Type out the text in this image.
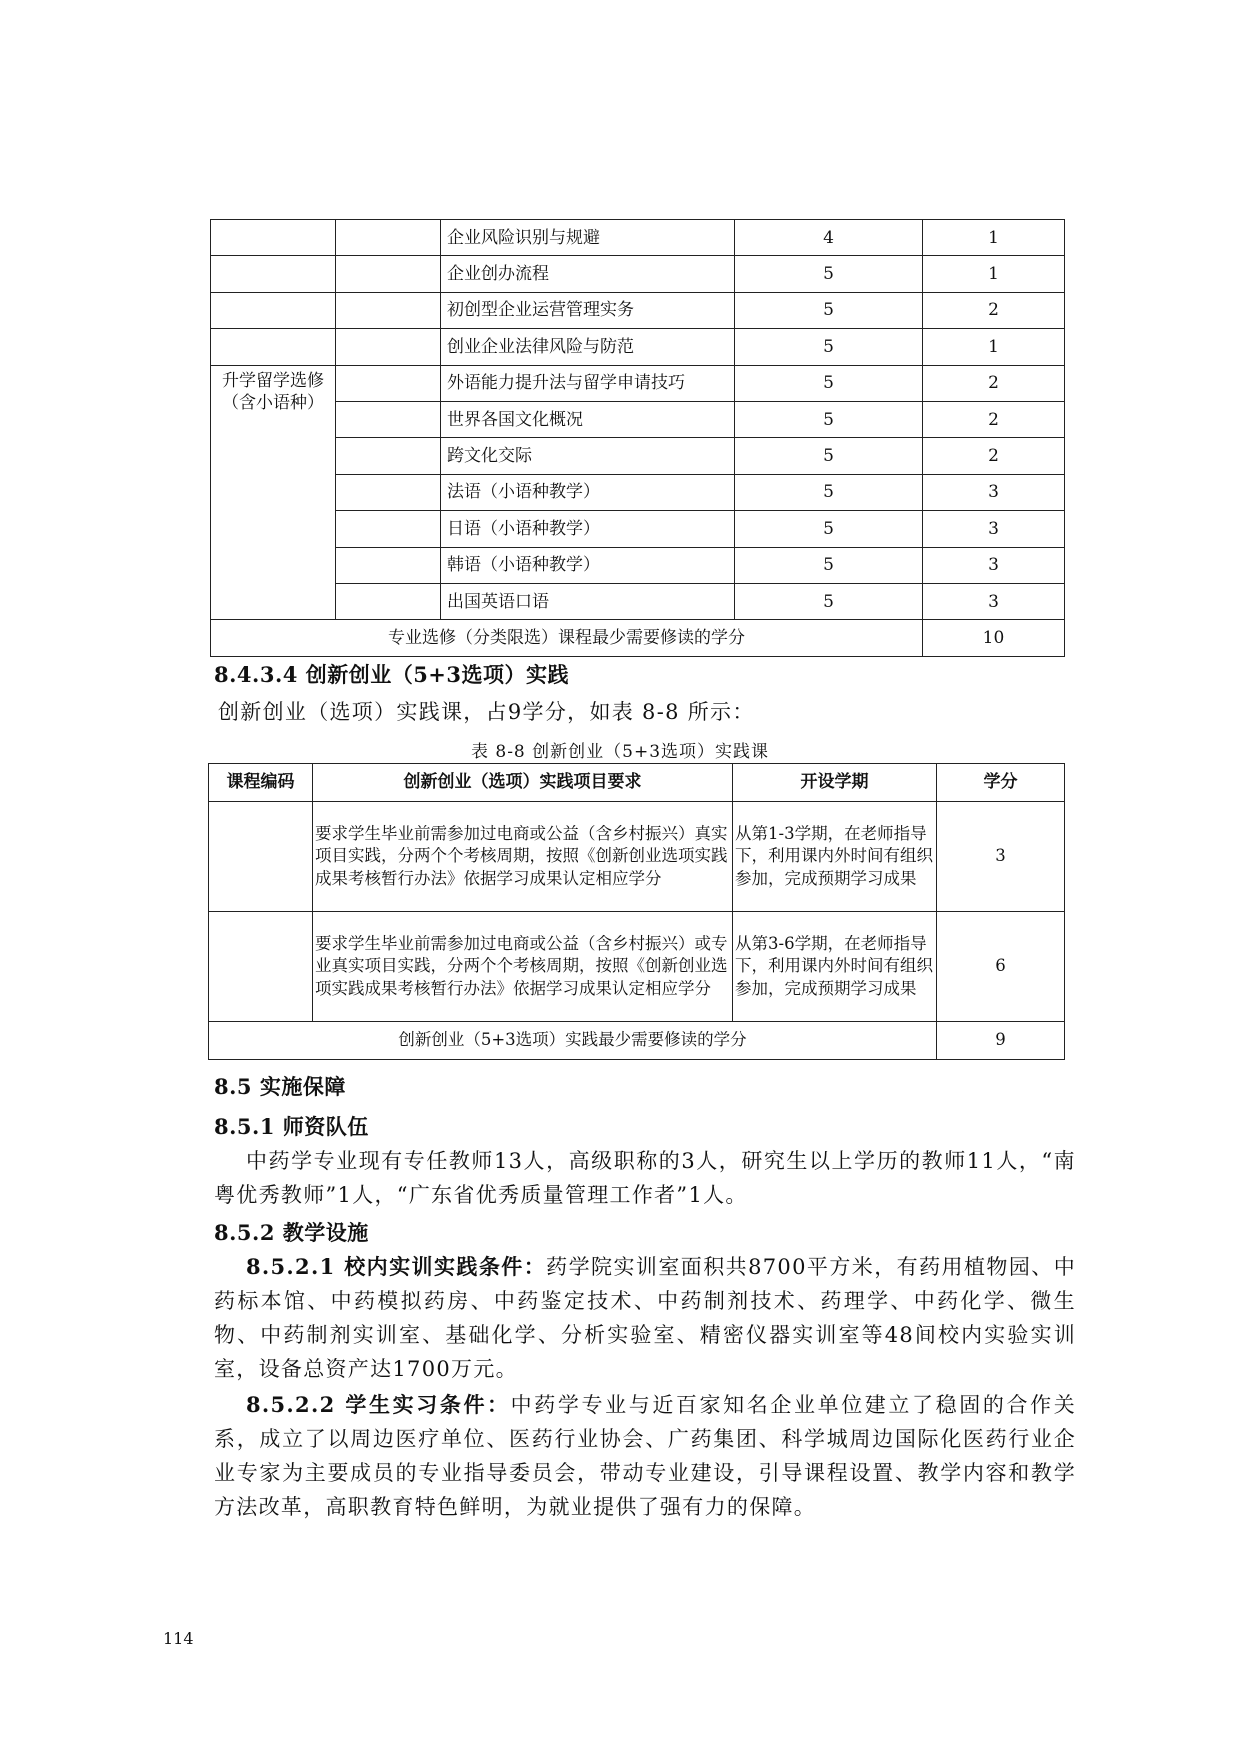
		企业风险识别与规避	4	1
		企业创办流程	5	1
		初创型企业运营管理实务	5	2
		创业企业法律风险与防范	5	1
升学留学选修（含小语种）		外语能力提升法与留学申请技巧	5	2
		世界各国文化概况	5	2
		跨文化交际	5	2
		法语（小语种教学）	5	3
		日语（小语种教学）	5	3
		韩语（小语种教学）	5	3
		出国英语口语	5	3
专业选修（分类限选）课程最少需要修读的学分				10
8.4.3.4 创新创业（5+3选项）实践
创新创业（选项）实践课，占9学分，如表 8-8 所示：
表 8-8 创新创业（5+3选项）实践课
课程编码	创新创业（选项）实践项目要求	开设学期	学分
	要求学生毕业前需参加过电商或公益（含乡村振兴）真实项目实践，分两个个考核周期，按照《创新创业选项实践成果考核暂行办法》依据学习成果认定相应学分	从第1-3学期，在老师指导下，利用课内外时间有组织参加，完成预期学习成果	3
	要求学生毕业前需参加过电商或公益（含乡村振兴）或专业真实项目实践，分两个个考核周期，按照《创新创业选项实践成果考核暂行办法》依据学习成果认定相应学分	从第3-6学期，在老师指导下，利用课内外时间有组织参加，完成预期学习成果	6
创新创业（5+3选项）实践最少需要修读的学分			9
8.5 实施保障
8.5.1 师资队伍
中药学专业现有专任教师13人，高级职称的3人，研究生以上学历的教师11人，“南粤优秀教师”1人，“广东省优秀质量管理工作者”1人。
8.5.2 教学设施
8.5.2.1 校内实训实践条件：药学院实训室面积共8700平方米，有药用植物园、中药标本馆、中药模拟药房、中药鉴定技术、中药制剂技术、药理学、中药化学、微生物、中药制剂实训室、基础化学、分析实验室、精密仪器实训室等48间校内实验实训室，设备总资产达1700万元。
8.5.2.2 学生实习条件：中药学专业与近百家知名企业单位建立了稳固的合作关系，成立了以周边医疗单位、医药行业协会、广药集团、科学城周边国际化医药行业企业专家为主要成员的专业指导委员会，带动专业建设，引导课程设置、教学内容和教学方法改革，高职教育特色鲜明，为就业提供了强有力的保障。
114
